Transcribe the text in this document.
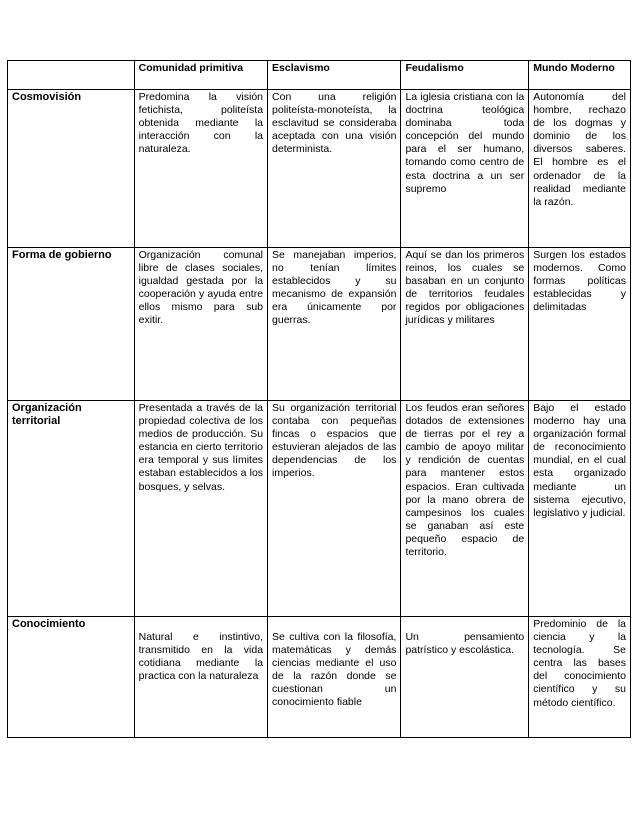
	Comunidad primitiva	Esclavismo	Feudalismo	Mundo Moderno
Cosmovisión	Predomina la visión fetichista, politeísta obtenida mediante la interacción con la naturaleza.	Con una religión politeísta-monoteísta, la esclavitud se consideraba aceptada con una visión determinista.	La iglesia cristiana con la doctrina teológica dominaba toda concepción del mundo para el ser humano, tomando como centro de esta doctrina a un ser supremo	Autonomía del hombre, rechazo de los dogmas y dominio de los diversos saberes. El hombre es el ordenador de la realidad mediante la razón.
Forma de gobierno	Organización comunal libre de clases sociales, igualdad gestada por la cooperación y ayuda entre ellos mismo para sub exitir.	Se manejaban imperios, no tenían límites establecidos y su mecanismo de expansión era únicamente por guerras.	Aquí se dan los primeros reinos, los cuales se basaban en un conjunto de territorios feudales regidos por obligaciones jurídicas y militares	Surgen los estados modernos. Como formas políticas establecidas y delimitadas
Organización territorial	Presentada a través de la propiedad colectiva de los medios de producción. Su estancia en cierto territorio era temporal y sus límites estaban establecidos a los bosques, y selvas.	Su organización territorial contaba con pequeñas fincas o espacios que estuvieran alejados de las dependencias de los imperios.	Los feudos eran señores dotados de extensiones de tierras por el rey a cambio de apoyo militar y rendición de cuentas para mantener estos espacios. Eran cultivada por la mano obrera de campesinos los cuales se ganaban así este pequeño espacio de territorio.	Bajo el estado moderno hay una organización formal de reconocimiento mundial, en el cual esta organizado mediante un sistema ejecutivo, legislativo y judicial.
Conocimiento	Natural e instintivo, transmitido en la vida cotidiana mediante la practica con la naturaleza	Se cultiva con la filosofía, matemáticas y demás ciencias mediante el uso de la razón donde se cuestionan un conocimiento fiable	Un pensamiento patrístico y escolástica.	Predominio de la ciencia y la tecnología. Se centra las bases del conocimiento científico y su método científico.
